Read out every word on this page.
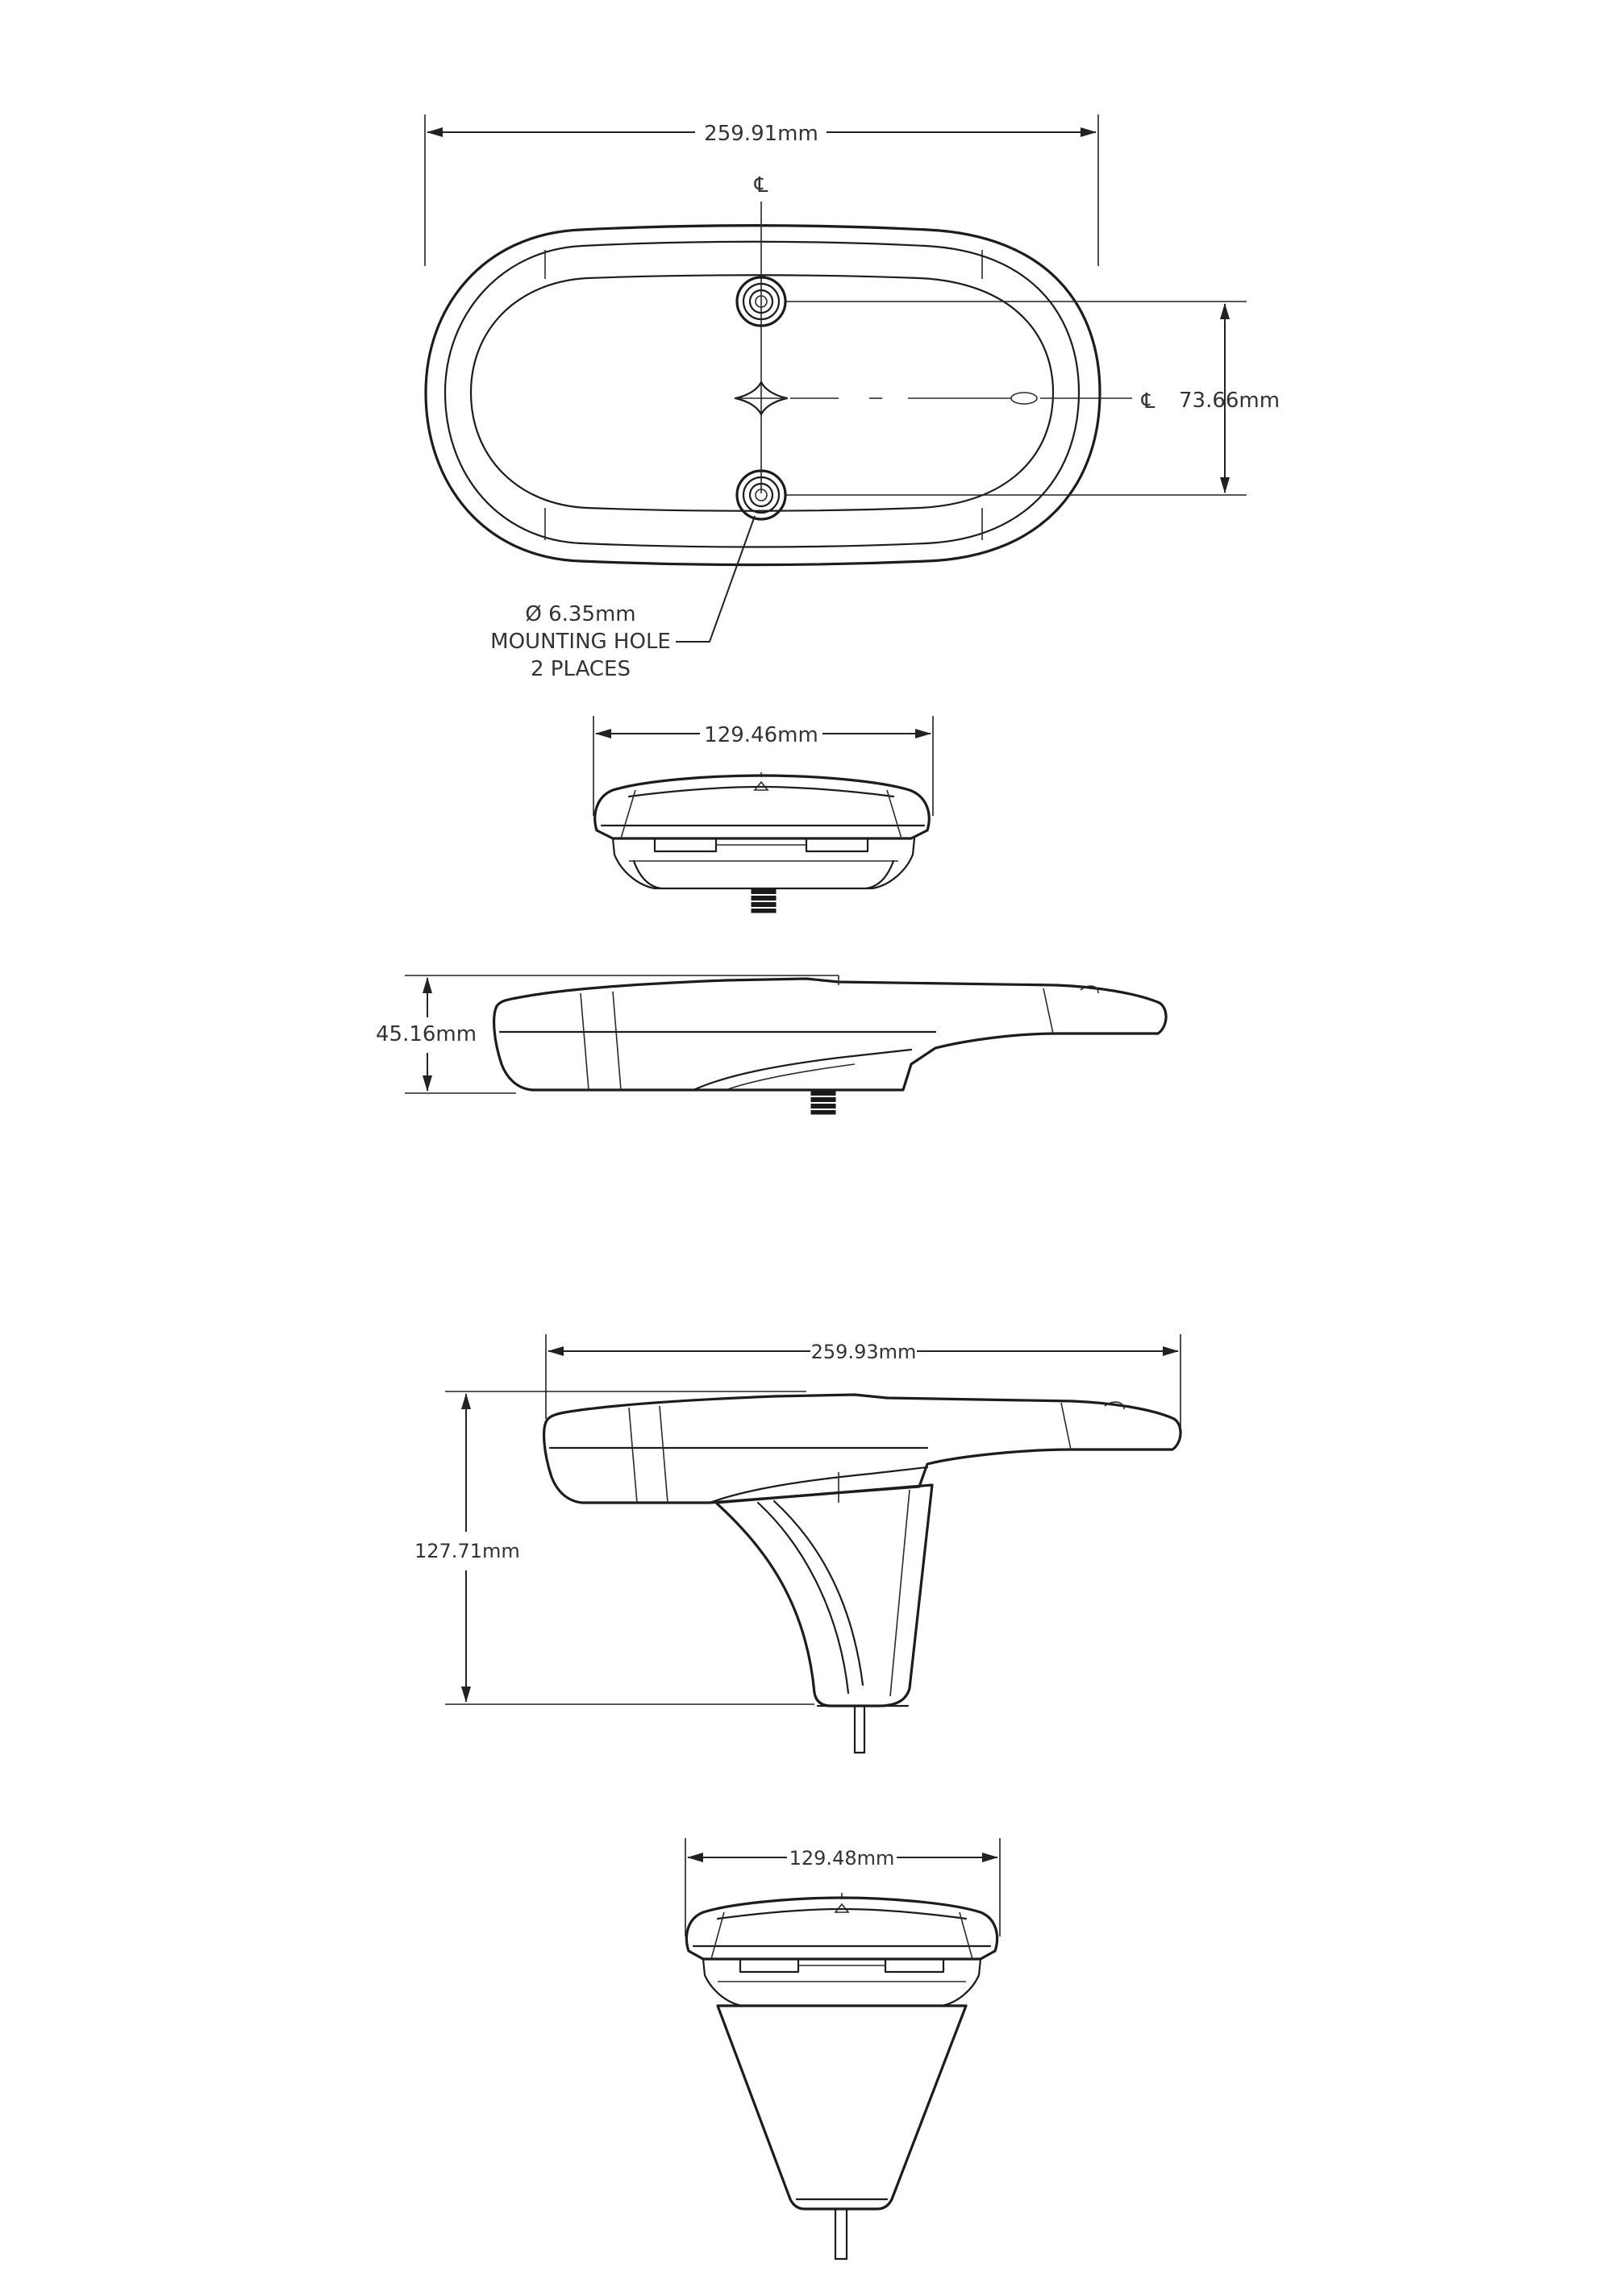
259.91mm
℄
℄ 73.66mm
Ø 6.35mm
MOUNTING HOLE
2 PLACES
129.46mm
45.16mm
259.93mm
127.71mm
129.48mm
